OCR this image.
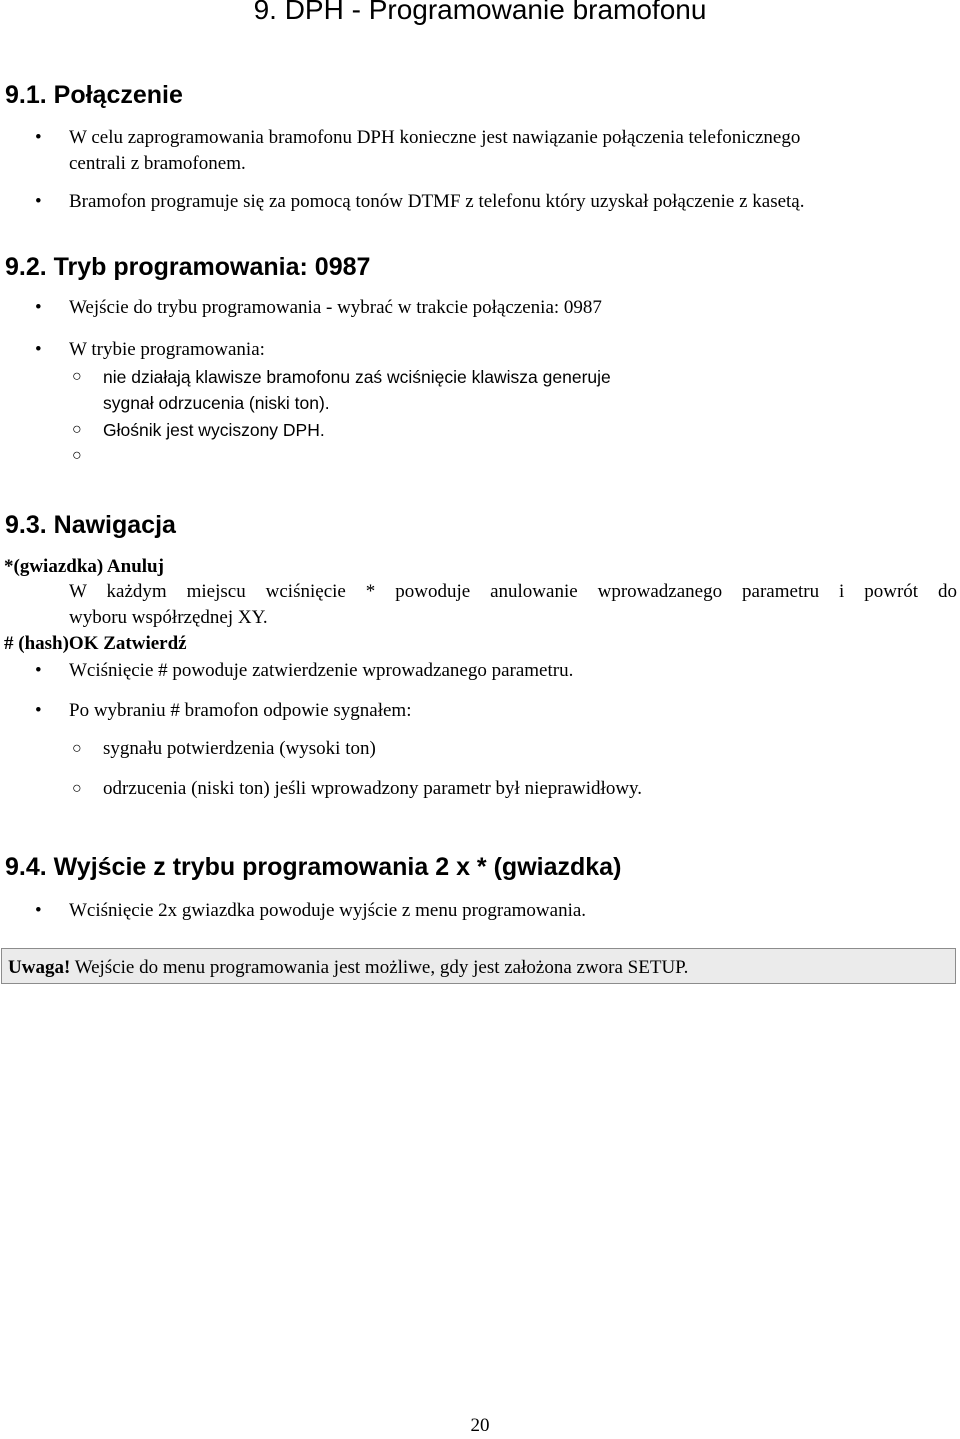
9. DPH - Programowanie bramofonu
9.1. Połączenie
• W celu zaprogramowania bramofonu DPH konieczne jest nawiązanie połączenia telefonicznego
centrali z bramofonem.
• Bramofon programuje się za pomocą tonów DTMF z telefonu który uzyskał połączenie z kasetą.
9.2. Tryb programowania: 0987
• Wejście do trybu programowania - wybrać w trakcie połączenia: 0987
• W trybie programowania:
○ nie działają klawisze bramofonu zaś wciśnięcie klawisza generuje
sygnał odrzucenia (niski ton).
○ Głośnik jest wyciszony DPH.
○
9.3. Nawigacja
*(gwiazdka) Anuluj
W każdym miejscu wciśnięcie * powoduje anulowanie wprowadzanego parametru i powrót do
wyboru współrzędnej XY.
# (hash)OK Zatwierdź
• Wciśnięcie # powoduje zatwierdzenie wprowadzanego parametru.
• Po wybraniu # bramofon odpowie sygnałem:
○ sygnału potwierdzenia (wysoki ton)
○ odrzucenia (niski ton) jeśli wprowadzony parametr był nieprawidłowy.
9.4. Wyjście z trybu programowania 2 x * (gwiazdka)
• Wciśnięcie 2x gwiazdka powoduje wyjście z menu programowania.
Uwaga! Wejście do menu programowania jest możliwe, gdy jest założona zwora SETUP.
20
